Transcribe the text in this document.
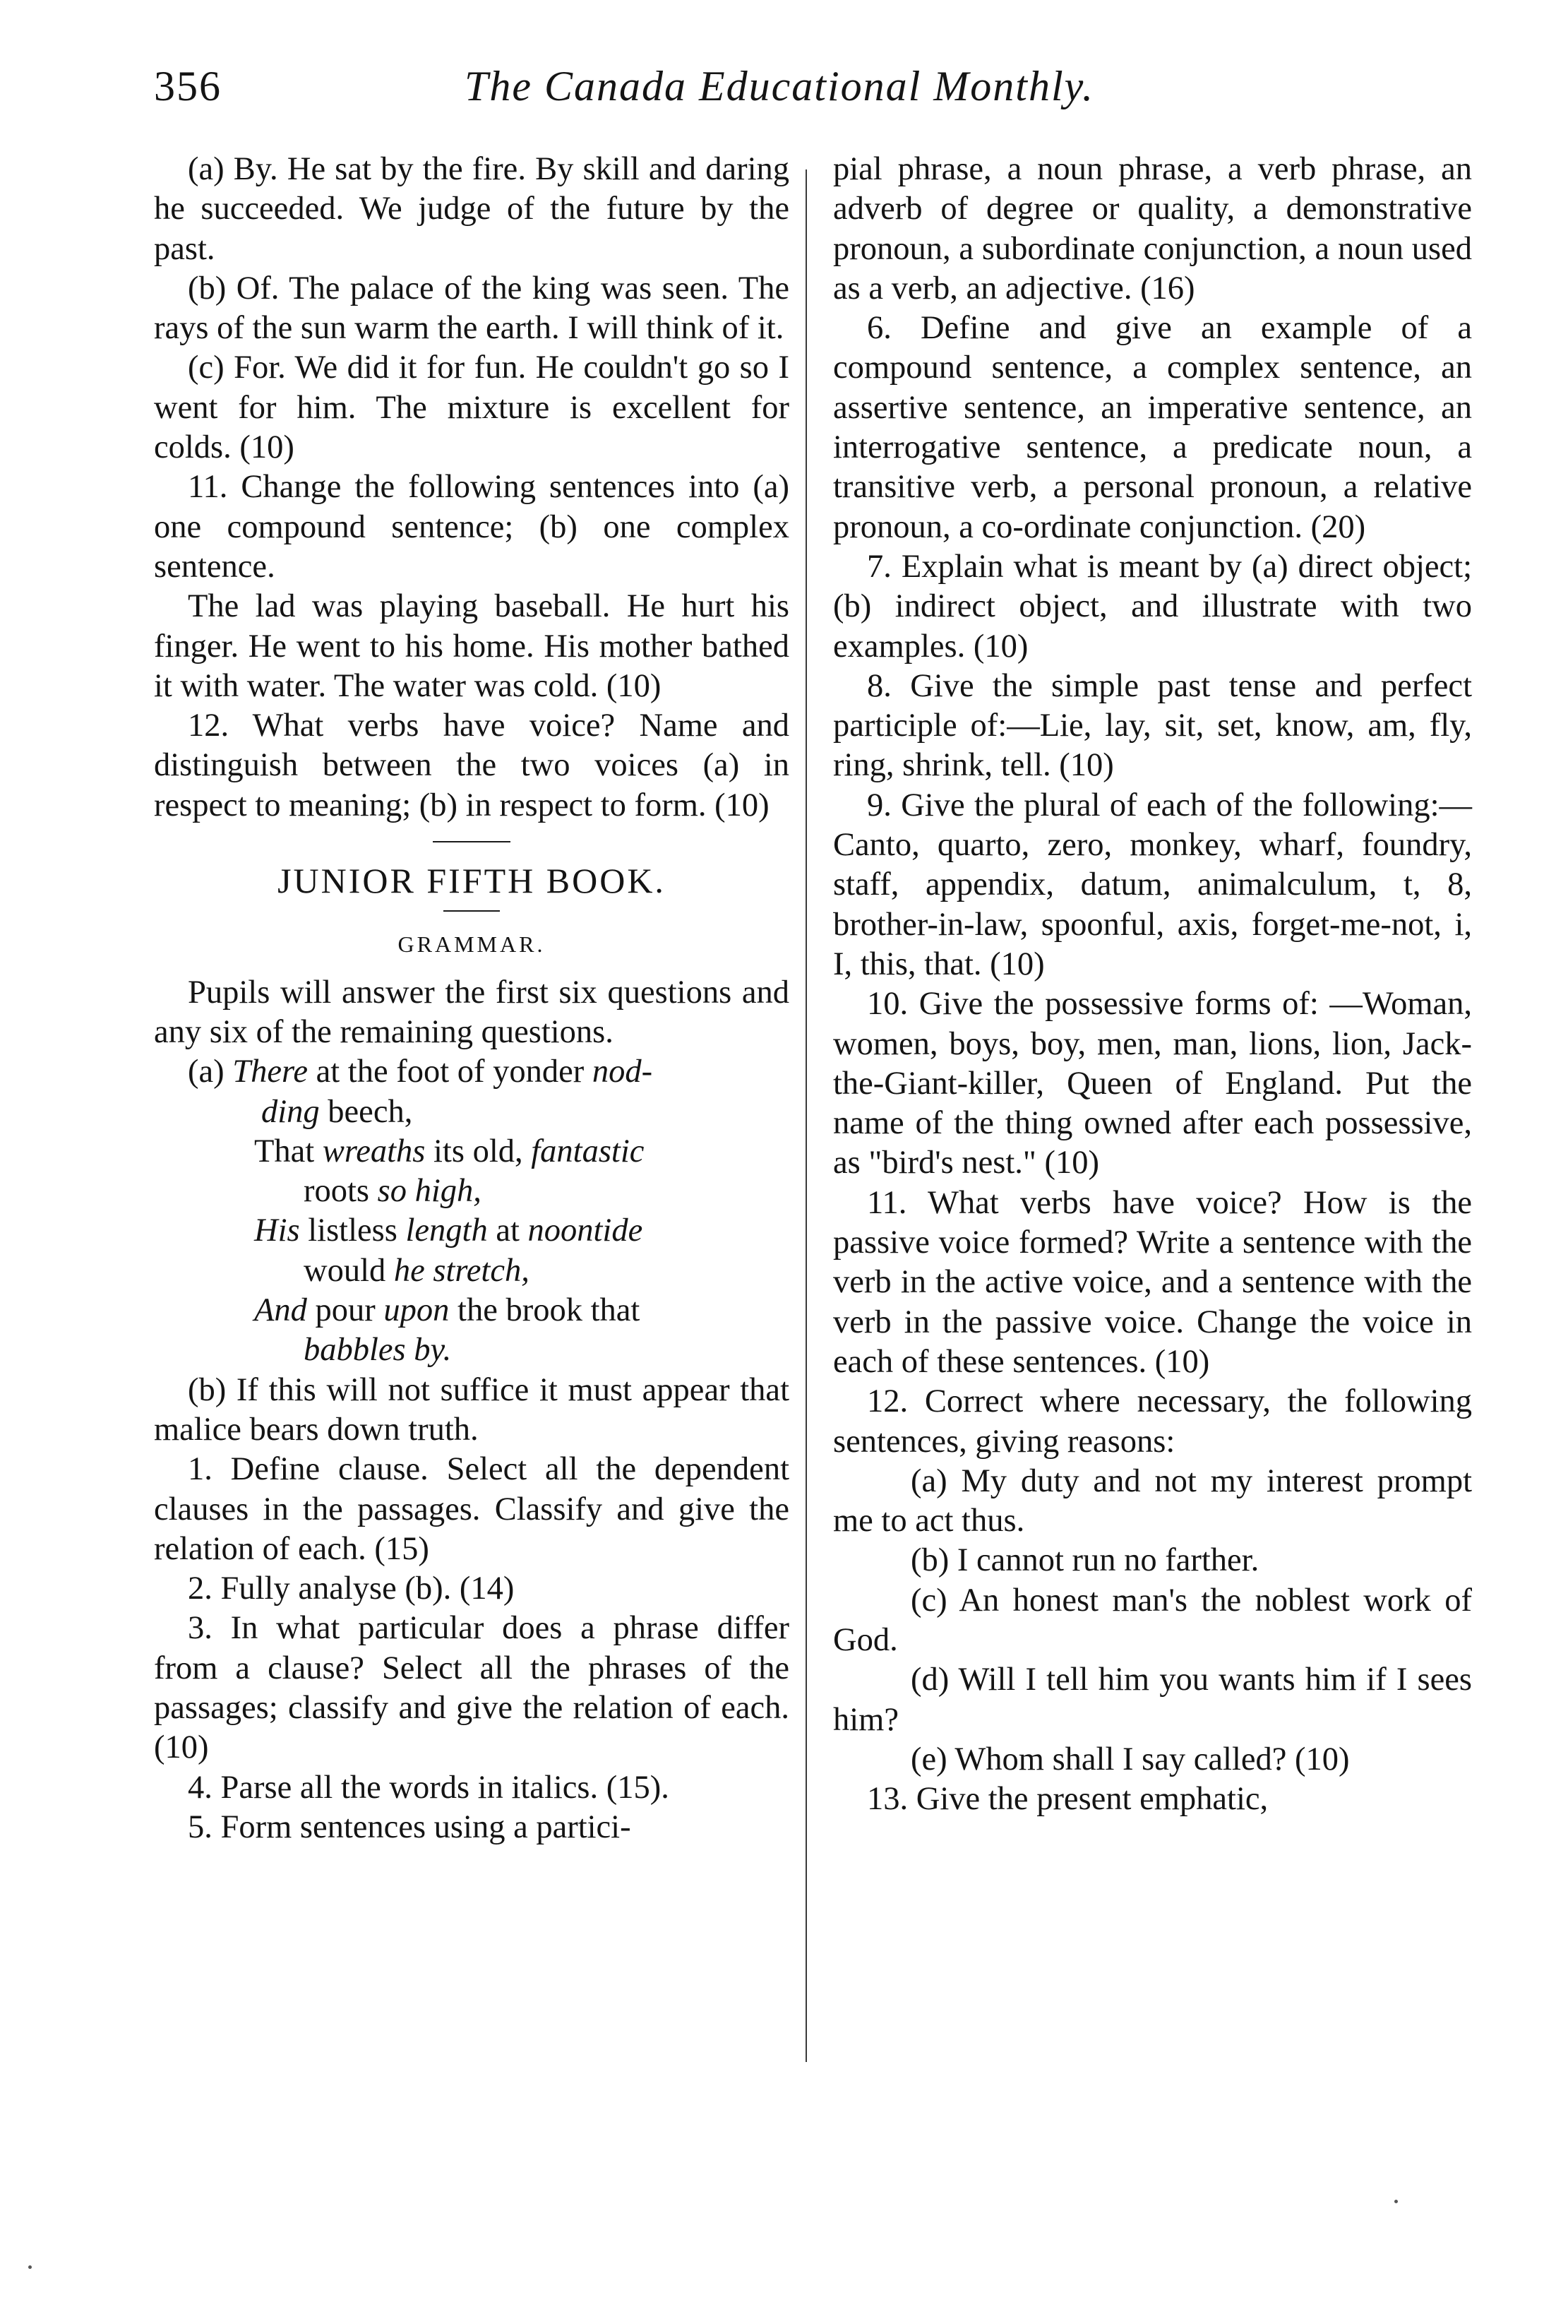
356	The Canada Educational Monthly.

(a) By. He sat by the fire. By skill and daring he succeeded. We judge of the future by the past.

(b) Of. The palace of the king was seen. The rays of the sun warm the earth. I will think of it.

(c) For. We did it for fun. He couldn't go so I went for him. The mixture is excellent for colds. (10)

11. Change the following sentences into (a) one compound sentence; (b) one complex sentence.

The lad was playing baseball. He hurt his finger. He went to his home. His mother bathed it with water. The water was cold. (10)

12. What verbs have voice? Name and distinguish between the two voices (a) in respect to meaning; (b) in respect to form. (10)

JUNIOR FIFTH BOOK.

GRAMMAR.

Pupils will answer the first six questions and any six of the remaining questions.

(a) There at the foot of yonder nod-
ding beech,
That wreaths its old, fantastic
roots so high,
His listless length at noontide
would he stretch,
And pour upon the brook that
babbles by.

(b) If this will not suffice it must appear that malice bears down truth.

1. Define clause. Select all the dependent clauses in the passages. Classify and give the relation of each. (15)

2. Fully analyse (b). (14)

3. In what particular does a phrase differ from a clause? Select all the phrases of the passages; classify and give the relation of each. (10)

4. Parse all the words in italics. (15).

5. Form sentences using a partici-

pial phrase, a noun phrase, a verb phrase, an adverb of degree or quality, a demonstrative pronoun, a subordinate conjunction, a noun used as a verb, an adjective. (16)

6. Define and give an example of a compound sentence, a complex sentence, an assertive sentence, an imperative sentence, an interrogative sentence, a predicate noun, a transitive verb, a personal pronoun, a relative pronoun, a co-ordinate conjunction. (20)

7. Explain what is meant by (a) direct object; (b) indirect object, and illustrate with two examples. (10)

8. Give the simple past tense and perfect participle of:—Lie, lay, sit, set, know, am, fly, ring, shrink, tell. (10)

9. Give the plural of each of the following:—Canto, quarto, zero, monkey, wharf, foundry, staff, appendix, datum, animalculum, t, 8, brother-in-law, spoonful, axis, forget-me-not, i, I, this, that. (10)

10. Give the possessive forms of: —Woman, women, boys, boy, men, man, lions, lion, Jack-the-Giant-killer, Queen of England. Put the name of the thing owned after each possessive, as "bird's nest." (10)

11. What verbs have voice? How is the passive voice formed? Write a sentence with the verb in the active voice, and a sentence with the verb in the passive voice. Change the voice in each of these sentences. (10)

12. Correct where necessary, the following sentences, giving reasons:

(a) My duty and not my interest prompt me to act thus.

(b) I cannot run no farther.

(c) An honest man's the noblest work of God.

(d) Will I tell him you wants him if I sees him?

(e) Whom shall I say called? (10)

13. Give the present emphatic,
